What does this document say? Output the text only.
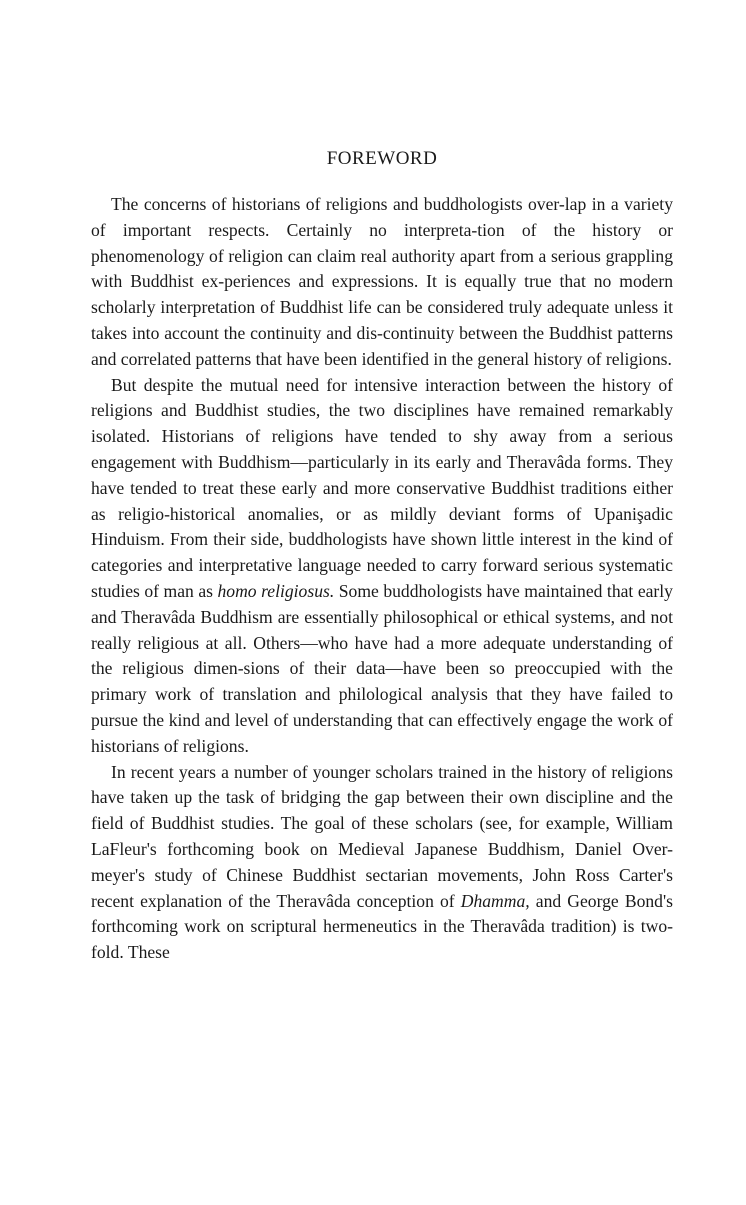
FOREWORD

The concerns of historians of religions and buddhologists over-lap in a variety of important respects. Certainly no interpreta-tion of the history or phenomenology of religion can claim real authority apart from a serious grappling with Buddhist ex-periences and expressions. It is equally true that no modern scholarly interpretation of Buddhist life can be considered truly adequate unless it takes into account the continuity and dis-continuity between the Buddhist patterns and correlated patterns that have been identified in the general history of religions.

But despite the mutual need for intensive interaction between the history of religions and Buddhist studies, the two disciplines have remained remarkably isolated. Historians of religions have tended to shy away from a serious engagement with Buddhism—particularly in its early and Theravâda forms. They have tended to treat these early and more conservative Buddhist traditions either as religio-historical anomalies, or as mildly deviant forms of Upanişadic Hinduism. From their side, buddhologists have shown little interest in the kind of categories and interpretative language needed to carry forward serious systematic studies of man as homo religiosus. Some buddhologists have maintained that early and Theravâda Buddhism are essentially philosophical or ethical systems, and not really religious at all. Others—who have had a more adequate understanding of the religious dimen-sions of their data—have been so preoccupied with the primary work of translation and philological analysis that they have failed to pursue the kind and level of understanding that can effectively engage the work of historians of religions.

In recent years a number of younger scholars trained in the history of religions have taken up the task of bridging the gap between their own discipline and the field of Buddhist studies. The goal of these scholars (see, for example, William LaFleur's forthcoming book on Medieval Japanese Buddhism, Daniel Over-meyer's study of Chinese Buddhist sectarian movements, John Ross Carter's recent explanation of the Theravâda conception of Dhamma, and George Bond's forthcoming work on scriptural hermeneutics in the Theravâda tradition) is two-fold. These
